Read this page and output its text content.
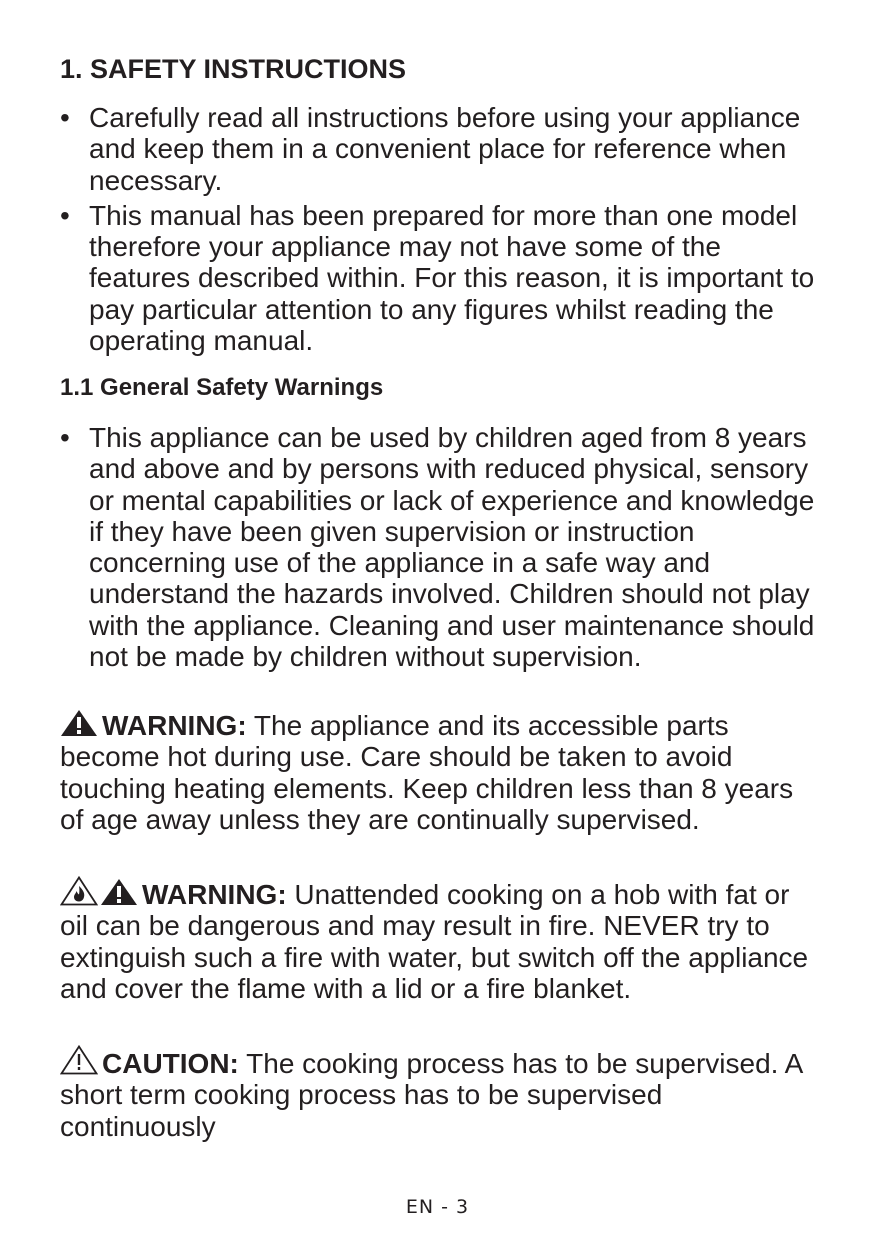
1. SAFETY INSTRUCTIONS
• Carefully read all instructions before using your appliance and keep them in a convenient place for reference when necessary.
• This manual has been prepared for more than one model therefore your appliance may not have some of the features described within. For this reason, it is important to pay particular attention to any figures whilst reading the operating manual.
1.1 General Safety Warnings
• This appliance can be used by children aged from 8 years and above and by persons with reduced physical, sensory or mental capabilities or lack of experience and knowledge if they have been given supervision or instruction concerning use of the appliance in a safe way and understand the hazards involved. Children should not play with the appliance. Cleaning and user maintenance should not be made by children without supervision.

WARNING: The appliance and its accessible parts become hot during use. Care should be taken to avoid touching heating elements. Keep children less than 8 years of age away unless they are continually supervised.

WARNING: Unattended cooking on a hob with fat or oil can be dangerous and may result in fire. NEVER try to extinguish such a fire with water, but switch off the appliance and cover the flame with a lid or a fire blanket.

CAUTION: The cooking process has to be supervised. A short term cooking process has to be supervised continuously

EN - 3
